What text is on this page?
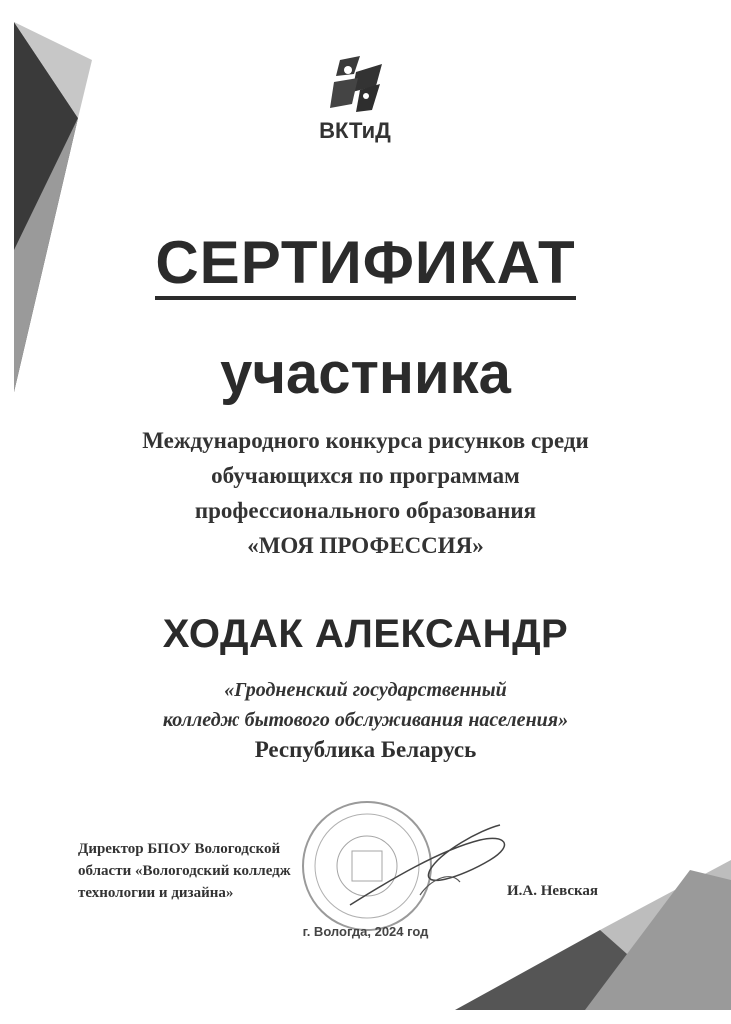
ВКТиД
СЕРТИФИКАТ
участника
Международного конкурса рисунков среди
обучающихся по программам
профессионального образования
«МОЯ ПРОФЕССИЯ»
ХОДАК АЛЕКСАНДР
«Гродненский государственный
колледж бытового обслуживания населения»
Республика Беларусь
Директор БПОУ Вологодской
области «Вологодский колледж
технологии и дизайна»	И.А. Невская
г. Вологда, 2024 год
